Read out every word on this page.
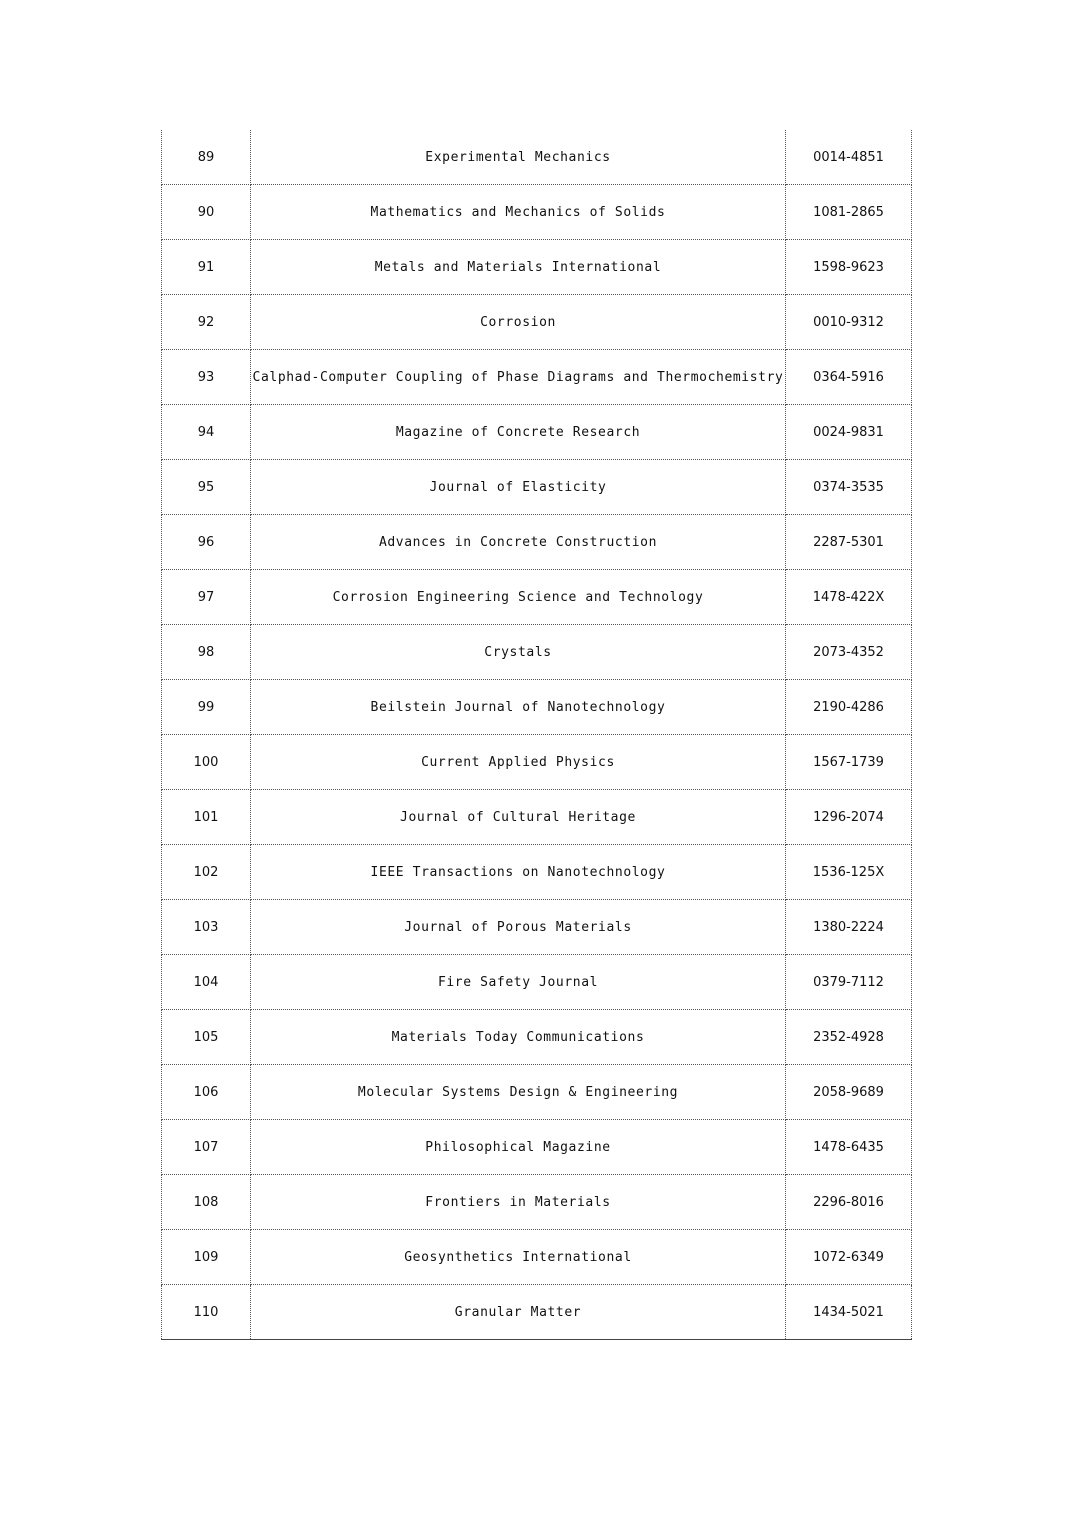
89	Experimental Mechanics	0014-4851
90	Mathematics and Mechanics of Solids	1081-2865
91	Metals and Materials International	1598-9623
92	Corrosion	0010-9312
93	Calphad-Computer Coupling of Phase Diagrams and Thermochemistry	0364-5916
94	Magazine of Concrete Research	0024-9831
95	Journal of Elasticity	0374-3535
96	Advances in Concrete Construction	2287-5301
97	Corrosion Engineering Science and Technology	1478-422X
98	Crystals	2073-4352
99	Beilstein Journal of Nanotechnology	2190-4286
100	Current Applied Physics	1567-1739
101	Journal of Cultural Heritage	1296-2074
102	IEEE Transactions on Nanotechnology	1536-125X
103	Journal of Porous Materials	1380-2224
104	Fire Safety Journal	0379-7112
105	Materials Today Communications	2352-4928
106	Molecular Systems Design & Engineering	2058-9689
107	Philosophical Magazine	1478-6435
108	Frontiers in Materials	2296-8016
109	Geosynthetics International	1072-6349
110	Granular Matter	1434-5021
